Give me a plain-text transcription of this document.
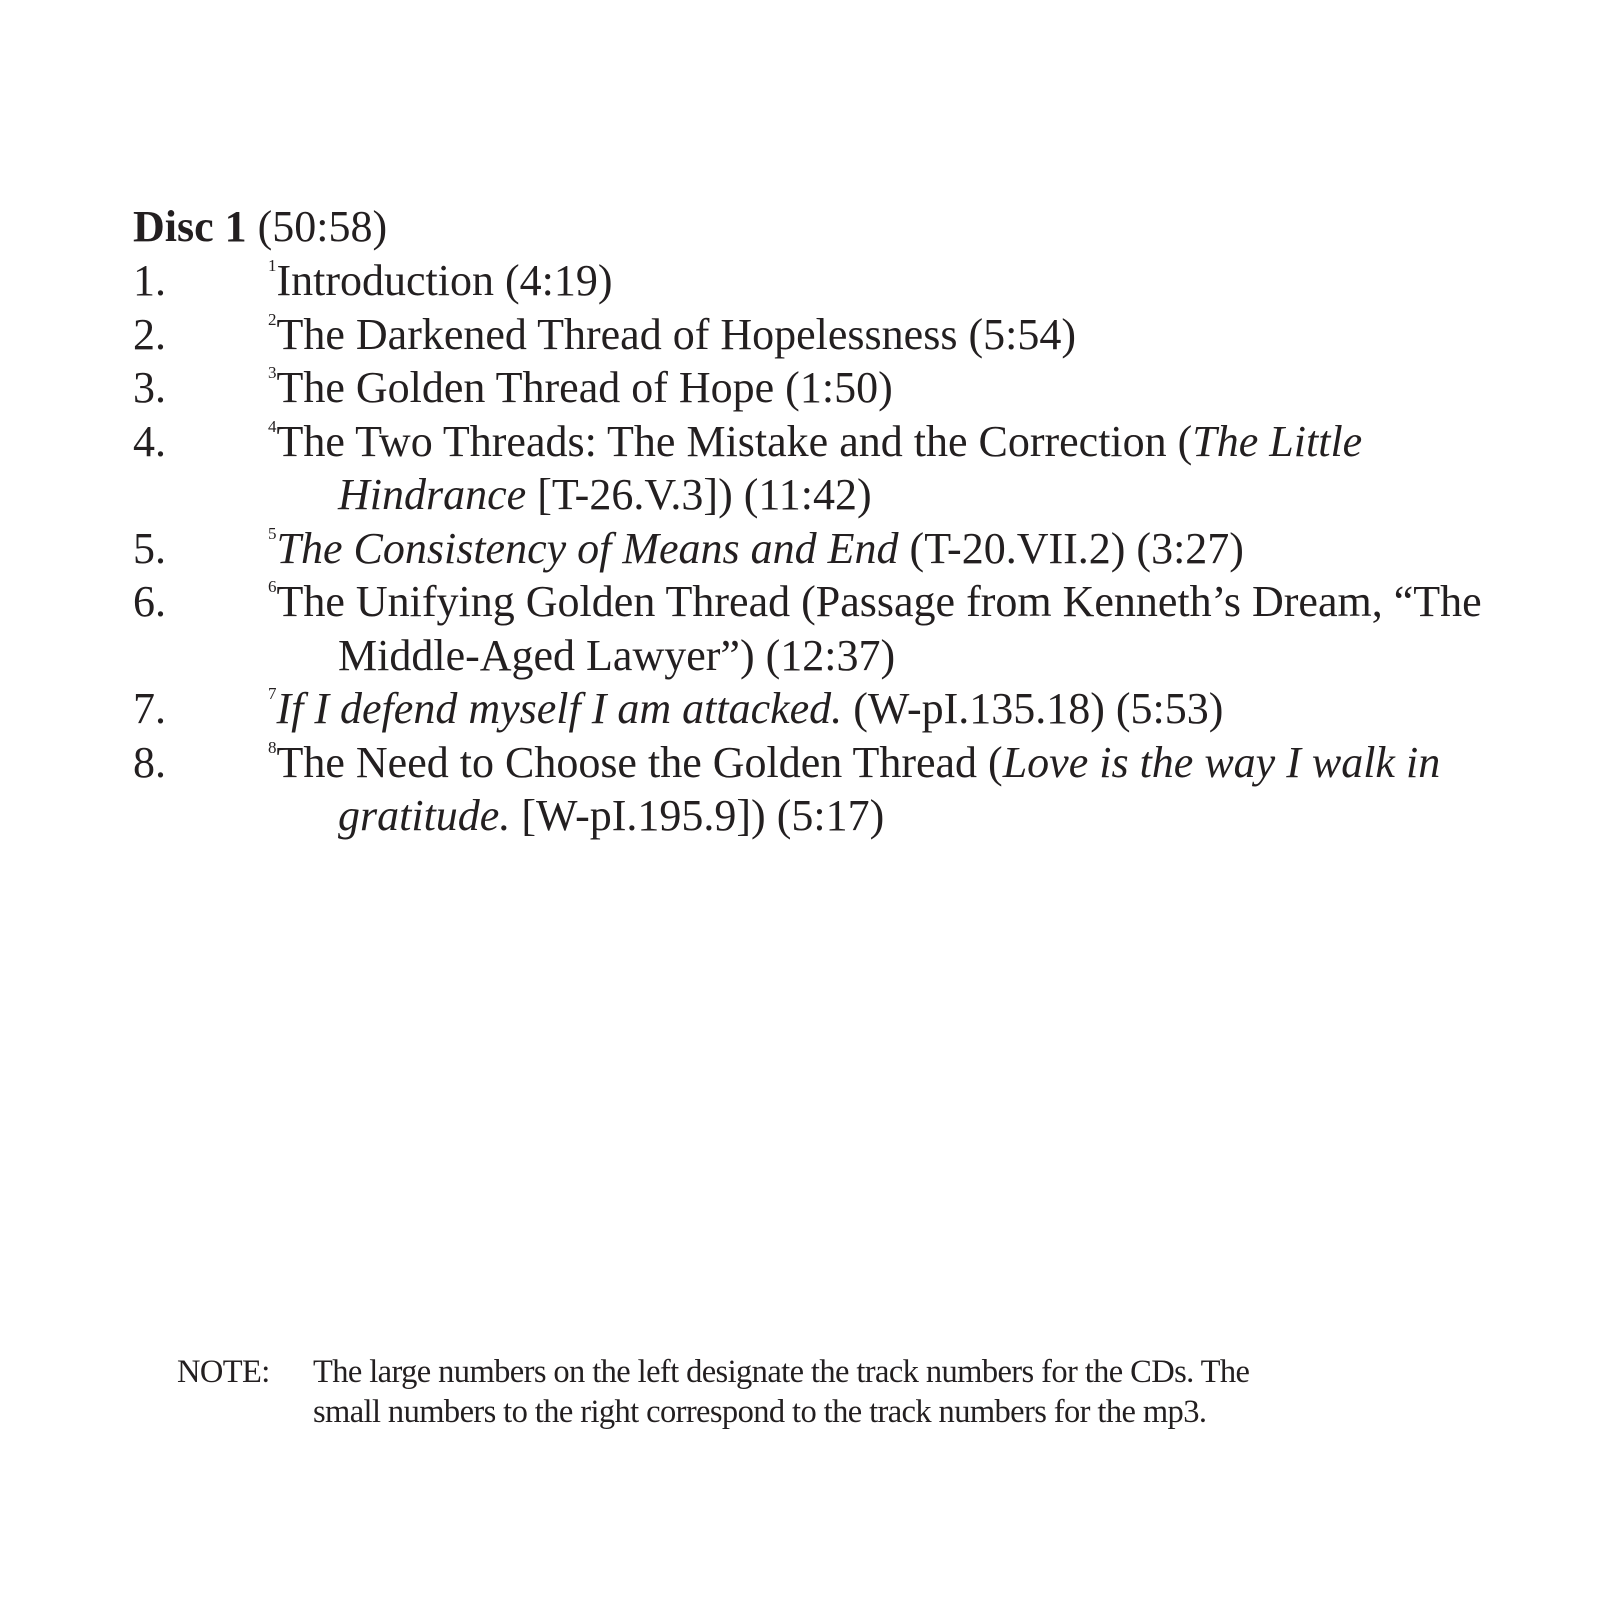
Disc 1 (50:58)
1.	1Introduction (4:19)
2.	2The Darkened Thread of Hopelessness (5:54)
3.	3The Golden Thread of Hope (1:50)
4.	4The Two Threads: The Mistake and the Correction (The Little Hindrance [T-26.V.3]) (11:42)
5.	5The Consistency of Means and End (T-20.VII.2) (3:27)
6.	6The Unifying Golden Thread (Passage from Kenneth’s Dream, “The Middle-Aged Lawyer”) (12:37)
7.	7If I defend myself I am attacked. (W-pI.135.18) (5:53)
8.	8The Need to Choose the Golden Thread (Love is the way I walk in gratitude. [W-pI.195.9]) (5:17)
NOTE: The large numbers on the left designate the track numbers for the CDs. The
small numbers to the right correspond to the track numbers for the mp3.
